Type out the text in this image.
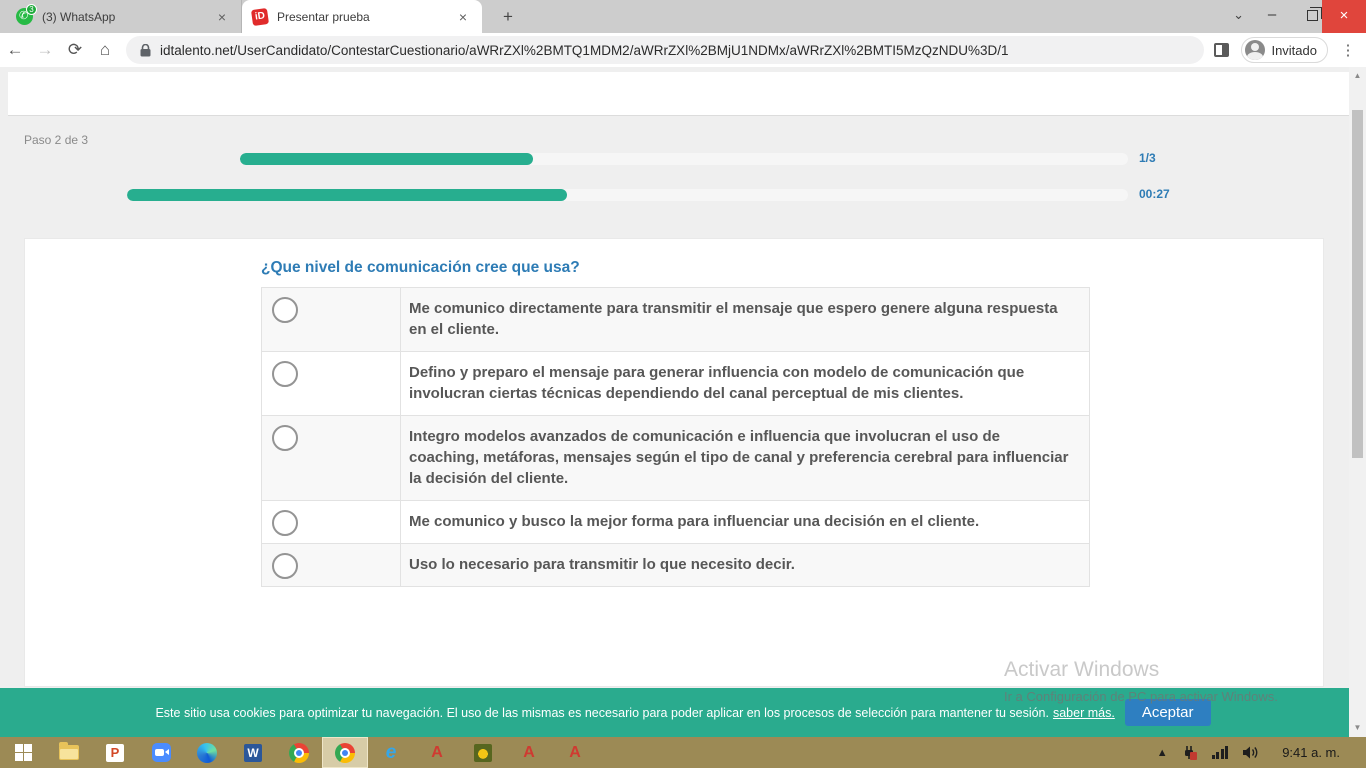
3
✆ (3) WhatsApp	×	iD Presentar prueba	×	+	⌄	–	×
← → ⟳	⌂	idtalento.net/UserCandidato/ContestarCuestionario/aWRrZXl%2BMTQ1MDM2/aWRrZXl%2BMjU1NDMx/aWRrZXl%2BMTI5MzQzNDU%3D/1	Invitado	⋮
Paso 2 de 3
1/3
00:27
¿Que nivel de comunicación cree que usa?
Me comunico directamente para transmitir el mensaje que espero genere alguna respuesta en el cliente.
Defino y preparo el mensaje para generar influencia con modelo de comunicación que involucran ciertas técnicas dependiendo del canal perceptual de mis clientes.
Integro modelos avanzados de comunicación e influencia que involucran el uso de coaching, metáforas, mensajes según el tipo de canal y preferencia cerebral para influenciar la decisión del cliente.
Me comunico y busco la mejor forma para influenciar una decisión en el cliente.
Uso lo necesario para transmitir lo que necesito decir.
Activar Windows
Ir a Configuración de PC para activar Windows.
Este sitio usa cookies para optimizar tu navegación. El uso de las mismas es necesario para poder aplicar en los procesos de selección para mantener tu sesión. saber más.	Aceptar
▲
▼
P	W	e A	A A	▲	9:41 a. m.
